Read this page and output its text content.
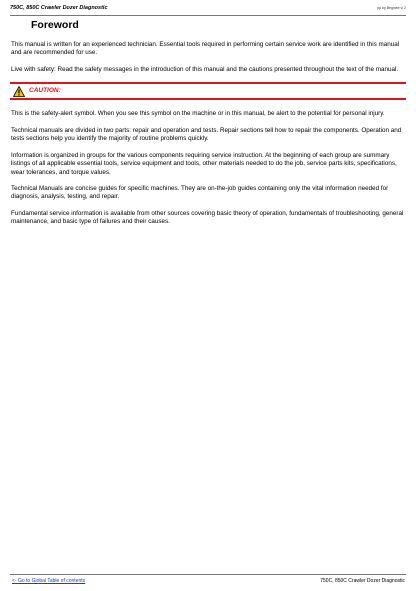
750C, 850C Crawler Dozer Diagnostic	pp by Beginee vl 2
Foreword

This manual is written for an experienced technician. Essential tools required in performing certain service work are identified in this manual and are recommended for use.

Live with safety: Read the safety messages in the introduction of this manual and the cautions presented throughout the text of the manual.

CAUTION:

This is the safety-alert symbol. When you see this symbol on the machine or in this manual, be alert to the potential for personal injury.

Technical manuals are divided in two parts: repair and operation and tests. Repair sections tell how to repair the components. Operation and tests sections help you identify the majority of routine problems quickly.

Information is organized in groups for the various components requiring service instruction. At the beginning of each group are summary listings of all applicable essential tools, service equipment and tools, other materials needed to do the job, service parts kits, specifications, wear tolerances, and torque values.

Technical Manuals are concise guides for specific machines. They are on-the-job guides containing only the vital information needed for diagnosis, analysis, testing, and repair.

Fundamental service information is available from other sources covering basic theory of operation, fundamentals of troubleshooting, general maintenance, and basic type of failures and their causes.

<- Go to Global Table of contents	750C, 850C Crawler Dozer Diagnostic
